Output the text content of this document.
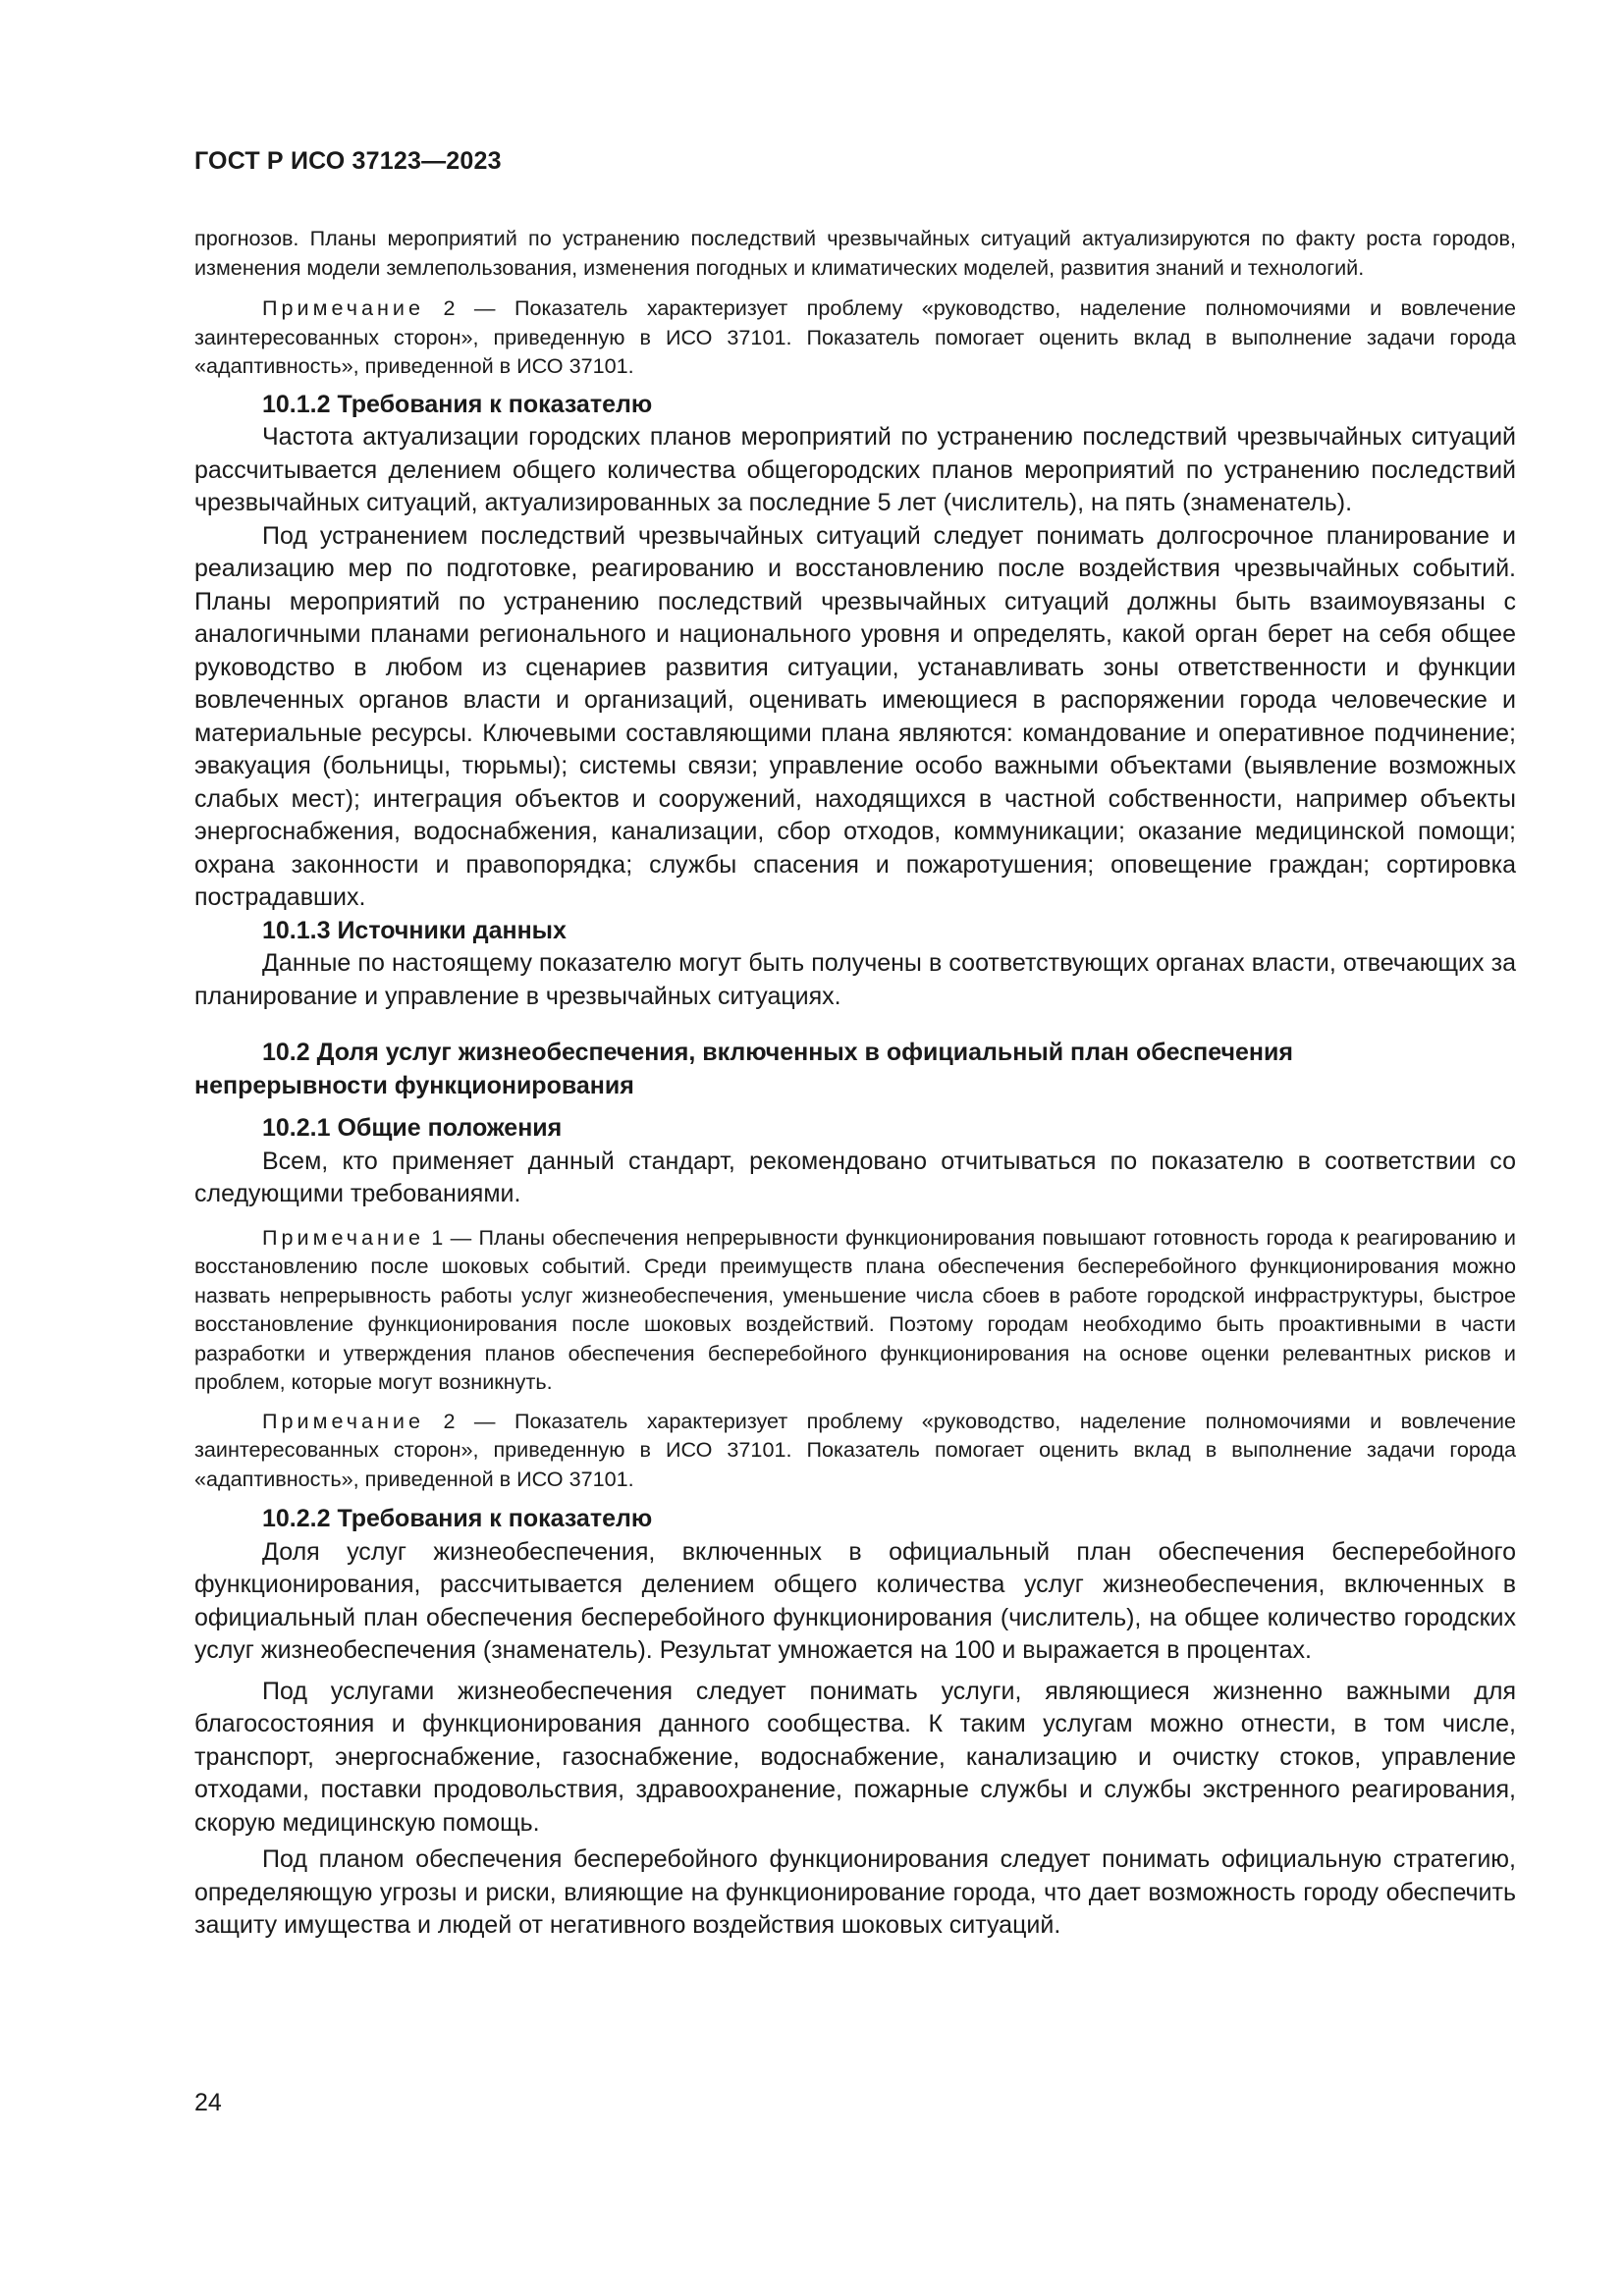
ГОСТ Р ИСО 37123—2023

прогнозов. Планы мероприятий по устранению последствий чрезвычайных ситуаций актуализируются по факту роста городов, изменения модели землепользования, изменения погодных и климатических моделей, развития знаний и технологий.

Примечание 2 — Показатель характеризует проблему «руководство, наделение полномочиями и вовлечение заинтересованных сторон», приведенную в ИСО 37101. Показатель помогает оценить вклад в выполнение задачи города «адаптивность», приведенной в ИСО 37101.

10.1.2 Требования к показателю

Частота актуализации городских планов мероприятий по устранению последствий чрезвычайных ситуаций рассчитывается делением общего количества общегородских планов мероприятий по устранению последствий чрезвычайных ситуаций, актуализированных за последние 5 лет (числитель), на пять (знаменатель).

Под устранением последствий чрезвычайных ситуаций следует понимать долгосрочное планирование и реализацию мер по подготовке, реагированию и восстановлению после воздействия чрезвычайных событий. Планы мероприятий по устранению последствий чрезвычайных ситуаций должны быть взаимоувязаны с аналогичными планами регионального и национального уровня и определять, какой орган берет на себя общее руководство в любом из сценариев развития ситуации, устанавливать зоны ответственности и функции вовлеченных органов власти и организаций, оценивать имеющиеся в распоряжении города человеческие и материальные ресурсы. Ключевыми составляющими плана являются: командование и оперативное подчинение; эвакуация (больницы, тюрьмы); системы связи; управление особо важными объектами (выявление возможных слабых мест); интеграция объектов и сооружений, находящихся в частной собственности, например объекты энергоснабжения, водоснабжения, канализации, сбор отходов, коммуникации; оказание медицинской помощи; охрана законности и правопорядка; службы спасения и пожаротушения; оповещение граждан; сортировка пострадавших.

10.1.3 Источники данных

Данные по настоящему показателю могут быть получены в соответствующих органах власти, отвечающих за планирование и управление в чрезвычайных ситуациях.

10.2 Доля услуг жизнеобеспечения, включенных в официальный план обеспечения непрерывности функционирования

10.2.1 Общие положения

Всем, кто применяет данный стандарт, рекомендовано отчитываться по показателю в соответствии со следующими требованиями.

Примечание 1 — Планы обеспечения непрерывности функционирования повышают готовность города к реагированию и восстановлению после шоковых событий. Среди преимуществ плана обеспечения бесперебойного функционирования можно назвать непрерывность работы услуг жизнеобеспечения, уменьшение числа сбоев в работе городской инфраструктуры, быстрое восстановление функционирования после шоковых воздействий. Поэтому городам необходимо быть проактивными в части разработки и утверждения планов обеспечения бесперебойного функционирования на основе оценки релевантных рисков и проблем, которые могут возникнуть.

Примечание 2 — Показатель характеризует проблему «руководство, наделение полномочиями и вовлечение заинтересованных сторон», приведенную в ИСО 37101. Показатель помогает оценить вклад в выполнение задачи города «адаптивность», приведенной в ИСО 37101.

10.2.2 Требования к показателю

Доля услуг жизнеобеспечения, включенных в официальный план обеспечения бесперебойного функционирования, рассчитывается делением общего количества услуг жизнеобеспечения, включенных в официальный план обеспечения бесперебойного функционирования (числитель), на общее количество городских услуг жизнеобеспечения (знаменатель). Результат умножается на 100 и выражается в процентах.

Под услугами жизнеобеспечения следует понимать услуги, являющиеся жизненно важными для благосостояния и функционирования данного сообщества. К таким услугам можно отнести, в том числе, транспорт, энергоснабжение, газоснабжение, водоснабжение, канализацию и очистку стоков, управление отходами, поставки продовольствия, здравоохранение, пожарные службы и службы экстренного реагирования, скорую медицинскую помощь.

Под планом обеспечения бесперебойного функционирования следует понимать официальную стратегию, определяющую угрозы и риски, влияющие на функционирование города, что дает возможность городу обеспечить защиту имущества и людей от негативного воздействия шоковых ситуаций.

24
